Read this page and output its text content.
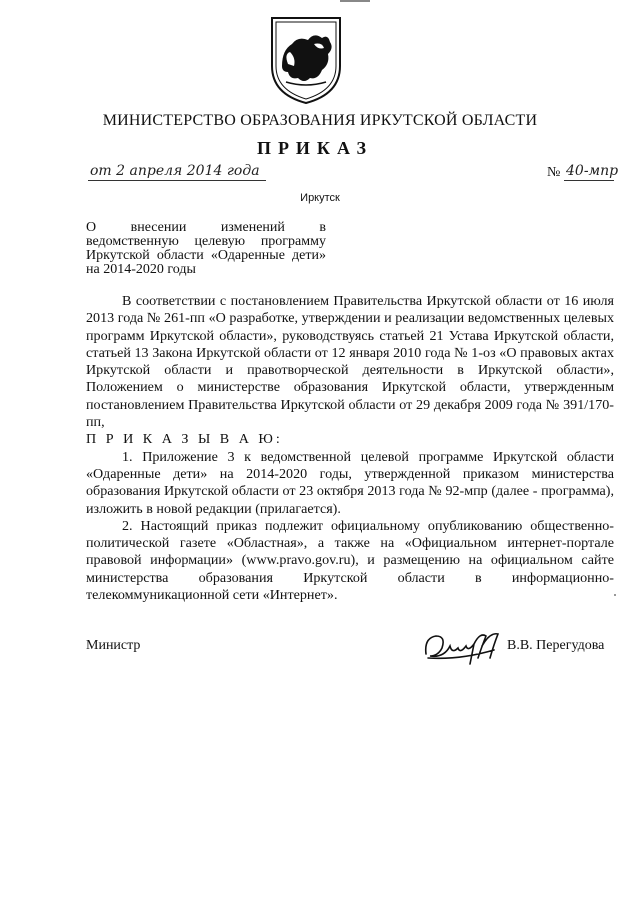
МИНИСТЕРСТВО ОБРАЗОВАНИЯ ИРКУТСКОЙ ОБЛАСТИ
ПРИКАЗ
от 2 апреля 2014 года	№ 40-мпр
Иркутск
О внесении изменений в ведомственную целевую программу Иркутской области «Одаренные дети» на 2014-2020 годы

В соответствии с постановлением Правительства Иркутской области от 16 июля 2013 года № 261-пп «О разработке, утверждении и реализации ведомственных целевых программ Иркутской области», руководствуясь статьей 21 Устава Иркутской области, статьей 13 Закона Иркутской области от 12 января 2010 года № 1-оз «О правовых актах Иркутской области и правотворческой деятельности в Иркутской области», Положением о министерстве образования Иркутской области, утвержденным постановлением Правительства Иркутской области от 29 декабря 2009 года № 391/170-пп,

П Р И К А З Ы В А Ю:

1. Приложение 3 к ведомственной целевой программе Иркутской области «Одаренные дети» на 2014-2020 годы, утвержденной приказом министерства образования Иркутской области от 23 октября 2013 года № 92-мпр (далее - программа), изложить в новой редакции (прилагается).

2. Настоящий приказ подлежит официальному опубликованию общественно-политической газете «Областная», а также на «Официальном интернет-портале правовой информации» (www.pravo.gov.ru), и размещению на официальном сайте министерства образования Иркутской области в информационно-телекоммуникационной сети «Интернет».

Министр	В.В. Перегудова
